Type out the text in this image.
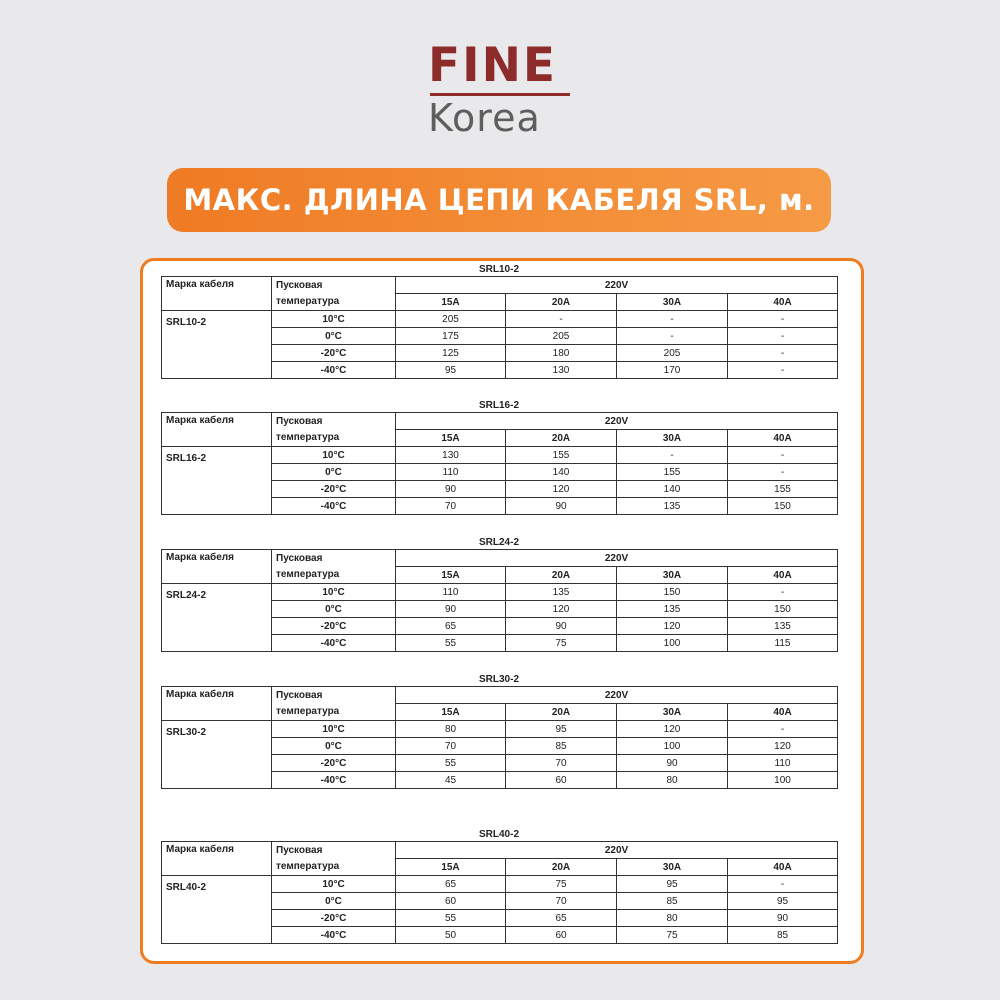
FINE
Korea
МАКС. ДЛИНА ЦЕПИ КАБЕЛЯ SRL, м.
SRL10-2
Марка кабеля	Пусковая	220V			
	температура	15A	20A	30A	40A
SRL10-2	10°C	205	-	-	-
	0°C	175	205	-	-
	-20°C	125	180	205	-
	-40°C	95	130	170	-
SRL16-2
Марка кабеля	Пусковая	220V			
	температура	15A	20A	30A	40A
SRL16-2	10°C	130	155	-	-
	0°C	110	140	155	-
	-20°C	90	120	140	155
	-40°C	70	90	135	150
SRL24-2
Марка кабеля	Пусковая	220V			
	температура	15A	20A	30A	40A
SRL24-2	10°C	110	135	150	-
	0°C	90	120	135	150
	-20°C	65	90	120	135
	-40°C	55	75	100	115
SRL30-2
Марка кабеля	Пусковая	220V			
	температура	15A	20A	30A	40A
SRL30-2	10°C	80	95	120	-
	0°C	70	85	100	120
	-20°C	55	70	90	110
	-40°C	45	60	80	100
SRL40-2
Марка кабеля	Пусковая	220V			
	температура	15A	20A	30A	40A
SRL40-2	10°C	65	75	95	-
	0°C	60	70	85	95
	-20°C	55	65	80	90
	-40°C	50	60	75	85
